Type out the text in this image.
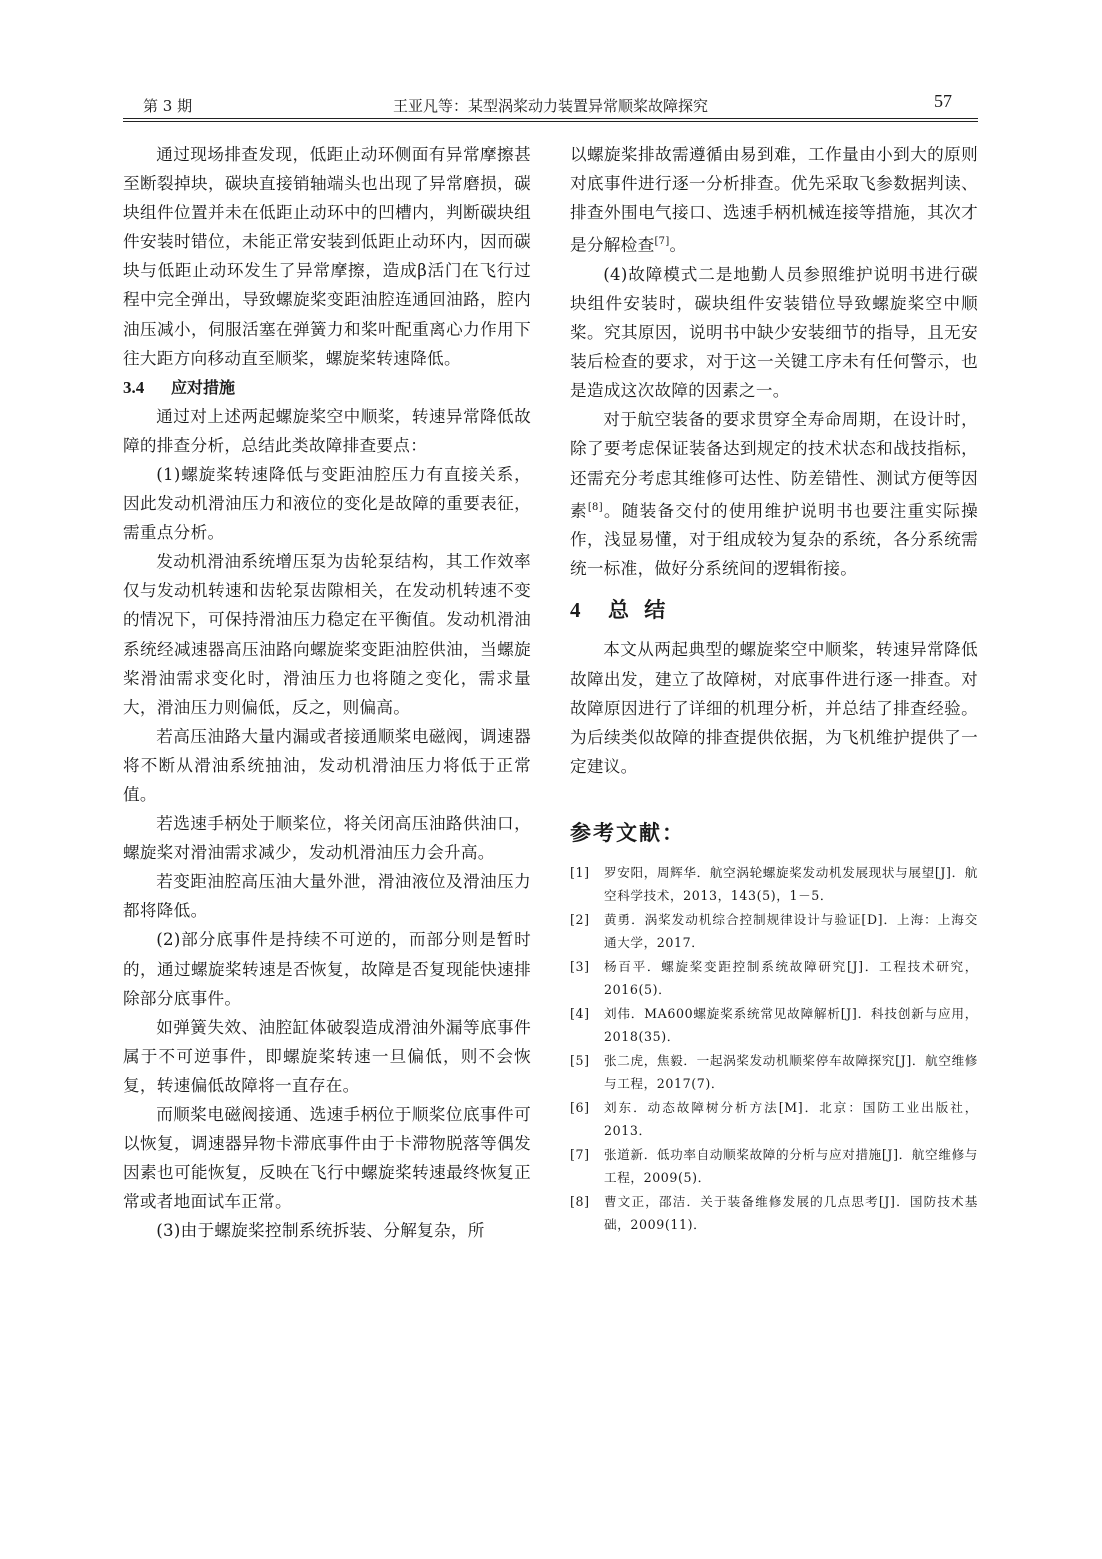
第 3 期	王亚凡等：某型涡桨动力装置异常顺桨故障探究	57

通过现场排查发现，低距止动环侧面有异常摩擦甚至断裂掉块，碳块直接销轴端头也出现了异常磨损，碳块组件位置并未在低距止动环中的凹槽内，判断碳块组件安装时错位，未能正常安装到低距止动环内，因而碳块与低距止动环发生了异常摩擦，造成β活门在飞行过程中完全弹出，导致螺旋桨变距油腔连通回油路，腔内油压减小，伺服活塞在弹簧力和桨叶配重离心力作用下往大距方向移动直至顺桨，螺旋桨转速降低。

3.4 应对措施

通过对上述两起螺旋桨空中顺桨，转速异常降低故障的排查分析，总结此类故障排查要点：

(1)螺旋桨转速降低与变距油腔压力有直接关系，因此发动机滑油压力和液位的变化是故障的重要表征，需重点分析。

发动机滑油系统增压泵为齿轮泵结构，其工作效率仅与发动机转速和齿轮泵齿隙相关，在发动机转速不变的情况下，可保持滑油压力稳定在平衡值。发动机滑油系统经减速器高压油路向螺旋桨变距油腔供油，当螺旋桨滑油需求变化时，滑油压力也将随之变化，需求量大，滑油压力则偏低，反之，则偏高。

若高压油路大量内漏或者接通顺桨电磁阀，调速器将不断从滑油系统抽油，发动机滑油压力将低于正常值。

若选速手柄处于顺桨位，将关闭高压油路供油口，螺旋桨对滑油需求减少，发动机滑油压力会升高。

若变距油腔高压油大量外泄，滑油液位及滑油压力都将降低。

(2)部分底事件是持续不可逆的，而部分则是暂时的，通过螺旋桨转速是否恢复，故障是否复现能快速排除部分底事件。

如弹簧失效、油腔缸体破裂造成滑油外漏等底事件属于不可逆事件，即螺旋桨转速一旦偏低，则不会恢复，转速偏低故障将一直存在。

而顺桨电磁阀接通、选速手柄位于顺桨位底事件可以恢复，调速器异物卡滞底事件由于卡滞物脱落等偶发因素也可能恢复，反映在飞行中螺旋桨转速最终恢复正常或者地面试车正常。

(3)由于螺旋桨控制系统拆装、分解复杂，所

以螺旋桨排故需遵循由易到难，工作量由小到大的原则对底事件进行逐一分析排查。优先采取飞参数据判读、排查外围电气接口、选速手柄机械连接等措施，其次才是分解检查[7]。

(4)故障模式二是地勤人员参照维护说明书进行碳块组件安装时，碳块组件安装错位导致螺旋桨空中顺桨。究其原因，说明书中缺少安装细节的指导，且无安装后检查的要求，对于这一关键工序未有任何警示，也是造成这次故障的因素之一。

对于航空装备的要求贯穿全寿命周期，在设计时，除了要考虑保证装备达到规定的技术状态和战技指标，还需充分考虑其维修可达性、防差错性、测试方便等因素[8]。随装备交付的使用维护说明书也要注重实际操作，浅显易懂，对于组成较为复杂的系统，各分系统需统一标准，做好分系统间的逻辑衔接。

4 总 结

本文从两起典型的螺旋桨空中顺桨，转速异常降低故障出发，建立了故障树，对底事件进行逐一排查。对故障原因进行了详细的机理分析，并总结了排查经验。为后续类似故障的排查提供依据，为飞机维护提供了一定建议。

参考文献：
[1]	罗安阳，周辉华．航空涡轮螺旋桨发动机发展现状与展望[J]．航空科学技术，2013，143(5)，1－5．
[2]	黄勇．涡桨发动机综合控制规律设计与验证[D]．上海：上海交通大学，2017．
[3]	杨百平．螺旋桨变距控制系统故障研究[J]．工程技术研究，2016(5)．
[4]	刘伟．MA600螺旋桨系统常见故障解析[J]．科技创新与应用，2018(35)．
[5]	张二虎，焦毅．一起涡桨发动机顺桨停车故障探究[J]．航空维修与工程，2017(7)．
[6]	刘东．动态故障树分析方法[M]．北京：国防工业出版社，2013．
[7]	张道新．低功率自动顺桨故障的分析与应对措施[J]．航空维修与工程，2009(5)．
[8]	曹文正，邵洁．关于装备维修发展的几点思考[J]．国防技术基础，2009(11)．
